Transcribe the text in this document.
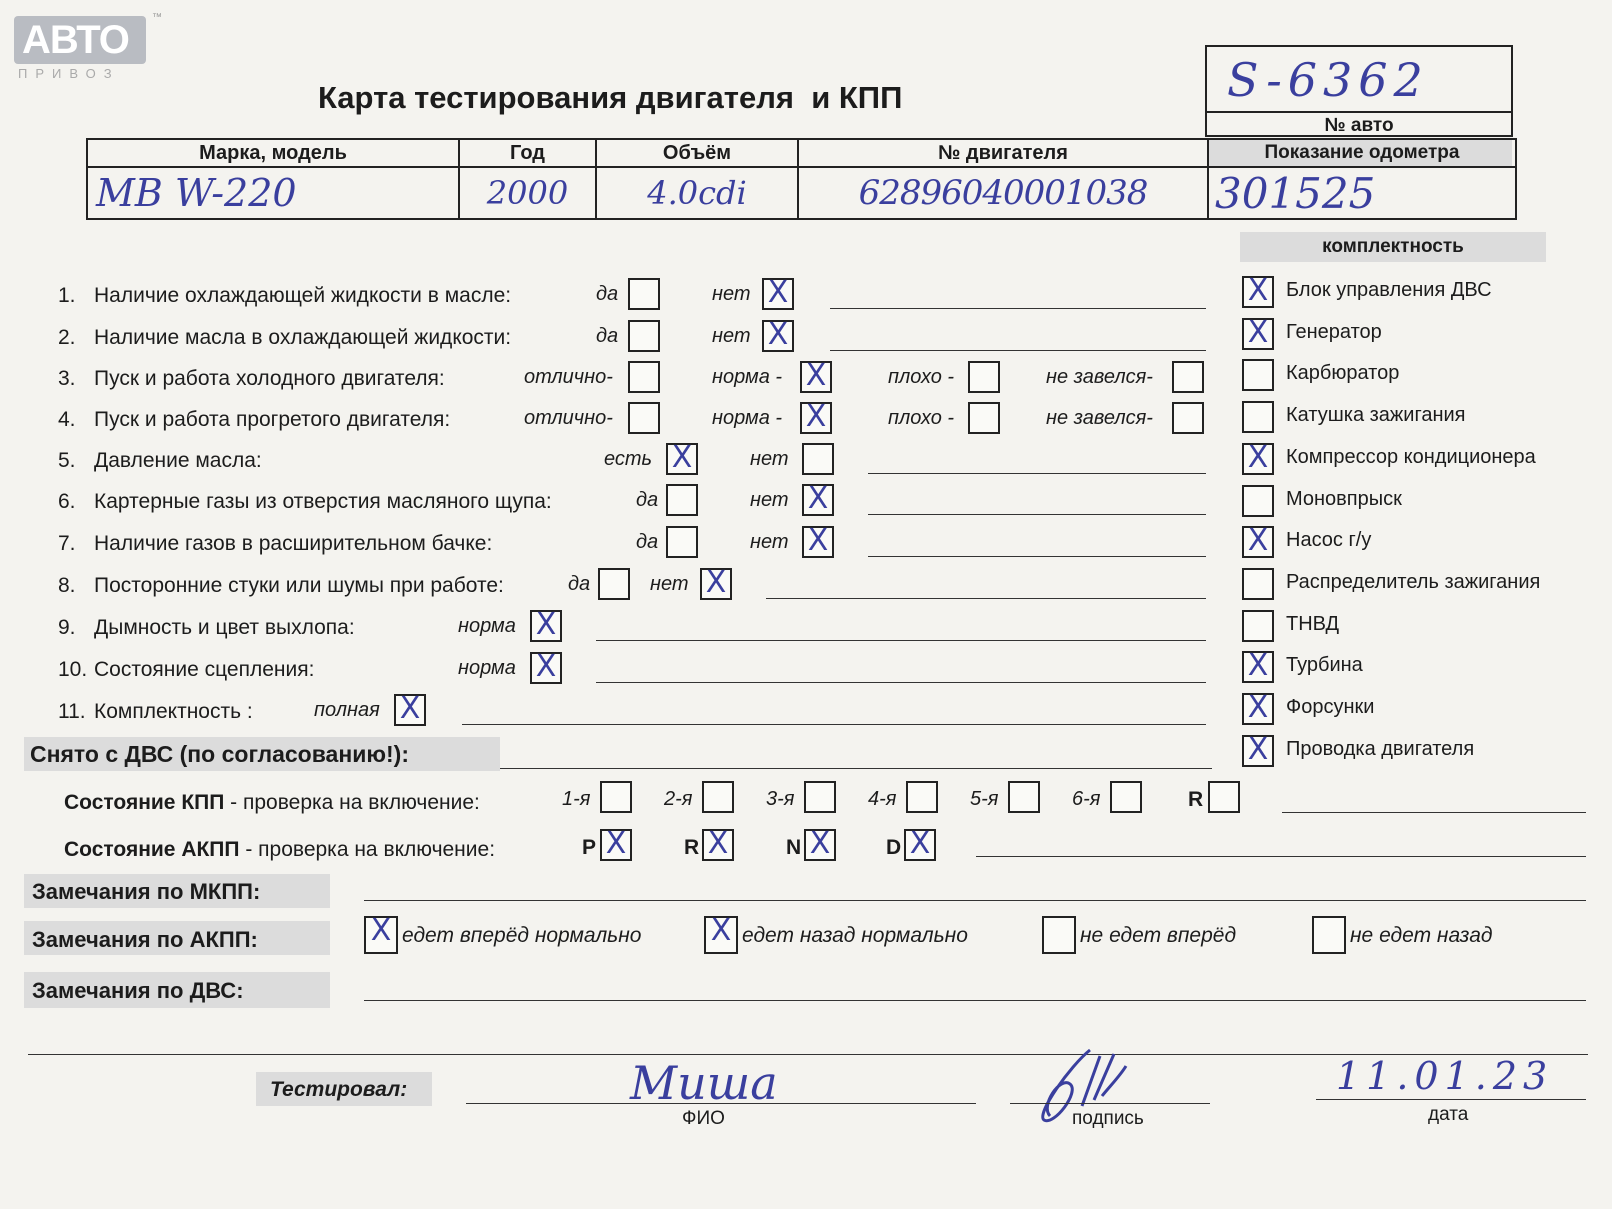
АВТО
™
ПРИВОЗ
Карта тестирования двигателя  и КПП	S-6362
№ авто
Марка, модель	Год	Объём	№ двигателя	Показание одометра
MB W-220	2000	4.0cdi	62896040001038	301525
комплектность
X Блок управления ДВС
X Генератор
Карбюратор
Катушка зажигания
X Компрессор кондиционера
Моновпрыск
X Насос г/у
Распределитель зажигания
ТНВД
X Турбина
X Форсунки
X Проводка двигателя
1. Наличие охлаждающей жидкости в масле:	да	нет X
2. Наличие масла в охлаждающей жидкости:	да	нет X
3. Пуск и работа холодного двигателя:	отлично-	норма - X	плохо -	не завелся-
4. Пуск и работа прогретого двигателя:	отлично-	норма - X	плохо -	не завелся-
5. Давление масла:	есть X	нет
6. Картерные газы из отверстия масляного щупа:	да	нет X
7. Наличие газов в расширительном бачке:	да	нет X
8. Посторонние стуки или шумы при работе:	да	нет X
9. Дымность и цвет выхлопа:	норма X
10. Состояние сцепления:	норма X
11. Комплектность :	полная X
Снято с ДВС (по согласованию!):
Состояние КПП - проверка на включение:	1-я	2-я	3-я	4-я	5-я	6-я	R
Состояние АКПП - проверка на включение:	P X	R X	N X	D X
Замечания по МКПП:
Замечания по АКПП:	X едет вперёд нормально X едет назад нормально	не едет вперёд	не едет назад
Замечания по ДВС:
Тестировал:	Миша
ФИО	подпись
11.01.23
дата
